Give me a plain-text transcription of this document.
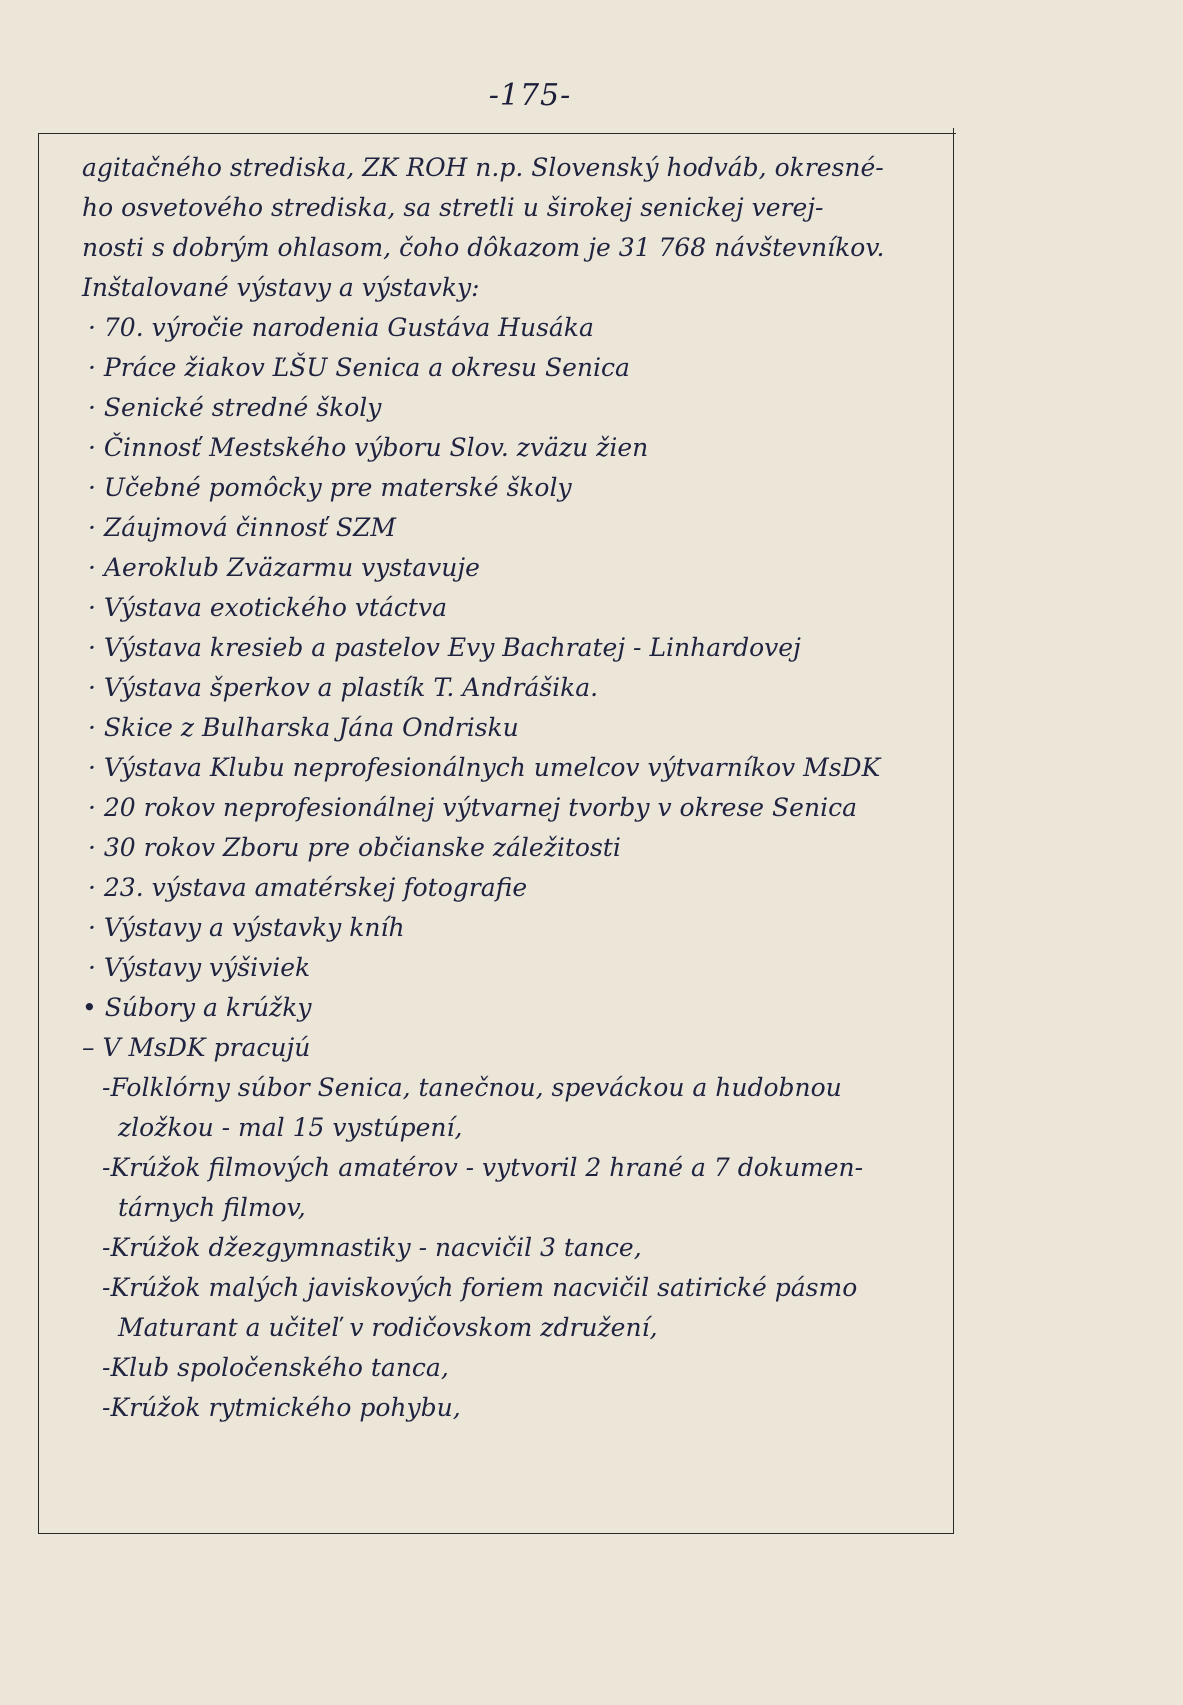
-175-
agitačného strediska, ZK ROH n.p. Slovenský hodváb, okresné-
ho osvetového strediska, sa stretli u širokej senickej verej-
nosti s dobrým ohlasom, čoho dôkazom je 31 768 návštevníkov.
Inštalované výstavy a výstavky:
· 70. výročie narodenia Gustáva Husáka
· Práce žiakov ĽŠU Senica a okresu Senica
· Senické stredné školy
· Činnosť Mestského výboru Slov. zväzu žien
· Učebné pomôcky pre materské školy
· Záujmová činnosť SZM
· Aeroklub Zväzarmu vystavuje
· Výstava exotického vtáctva
· Výstava kresieb a pastelov Evy Bachratej - Linhardovej
· Výstava šperkov a plastík T. Andrášika.
· Skice z Bulharska Jána Ondrisku
· Výstava Klubu neprofesionálnych umelcov výtvarníkov MsDK
· 20 rokov neprofesionálnej výtvarnej tvorby v okrese Senica
· 30 rokov Zboru pre občianske záležitosti
· 23. výstava amatérskej fotografie
· Výstavy a výstavky kníh
· Výstavy výšiviek
• Súbory a krúžky
– V MsDK pracujú
-Folklórny súbor Senica, tanečnou, speváckou a hudobnou
zložkou - mal 15 vystúpení,
-Krúžok filmových amatérov - vytvoril 2 hrané a 7 dokumen-
tárnych filmov,
-Krúžok džezgymnastiky - nacvičil 3 tance,
-Krúžok malých javiskových foriem nacvičil satirické pásmo
Maturant a učiteľ v rodičovskom združení,
-Klub spoločenského tanca,
-Krúžok rytmického pohybu,
